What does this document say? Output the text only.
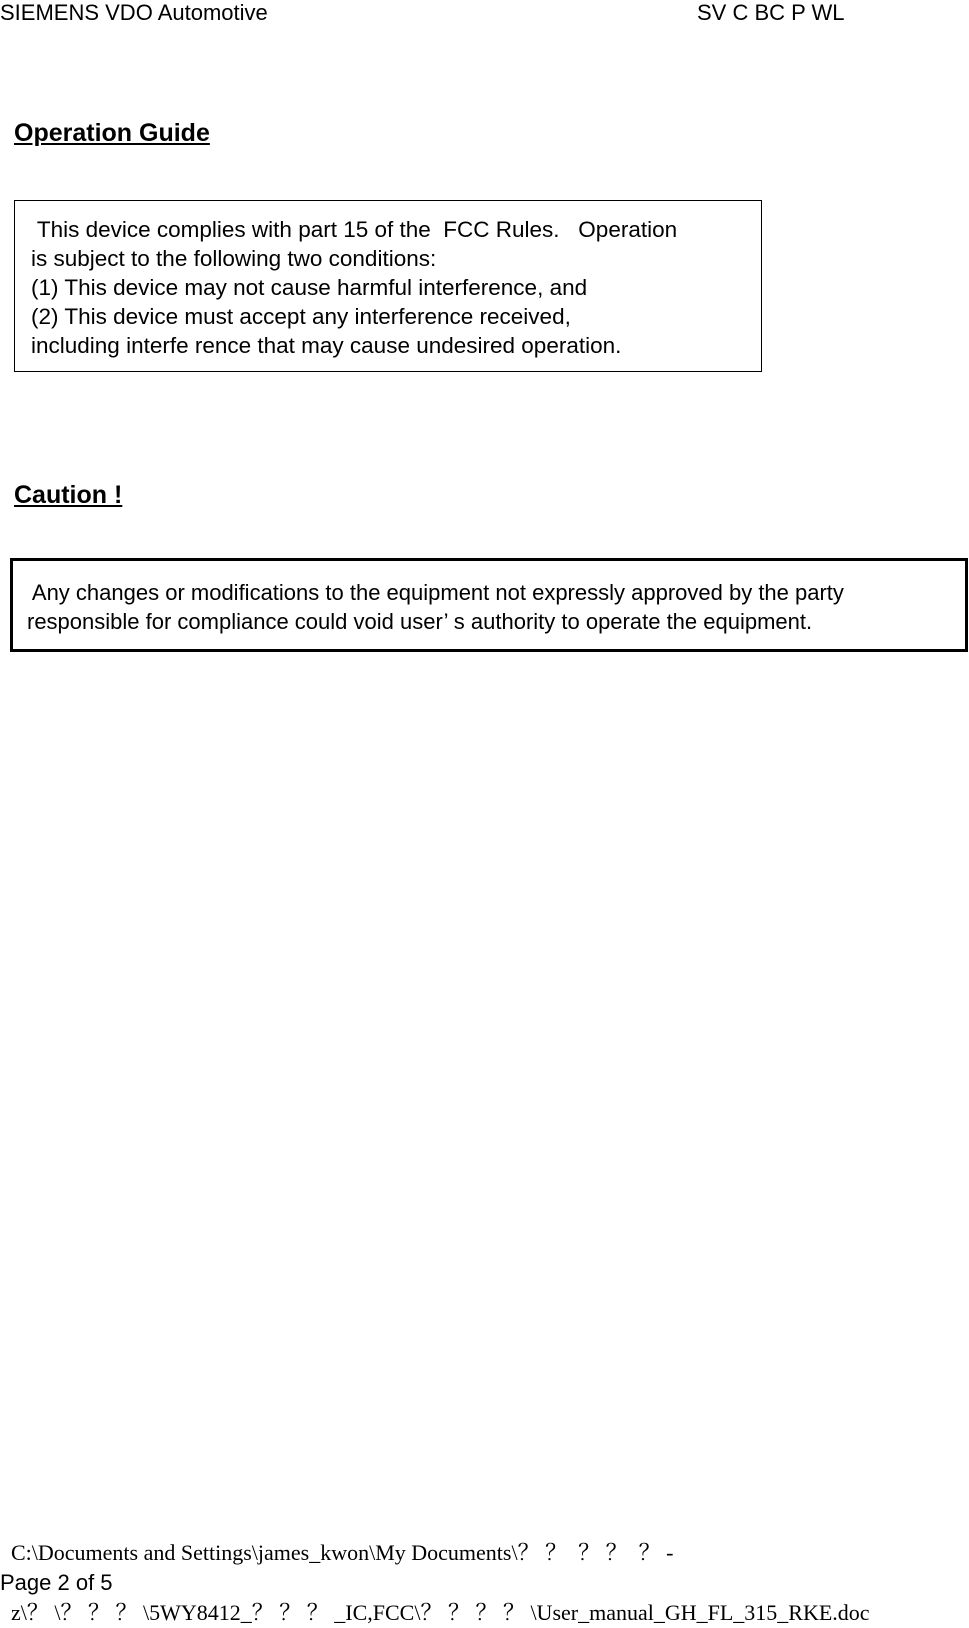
SIEMENS VDO Automotive	SV C BC P WL
Operation Guide
This device complies with part 15 of the  FCC Rules.   Operation
is subject to the following two conditions:
(1) This device may not cause harmful interference, and
(2) This device must accept any interference received,
including interfe rence that may cause undesired operation.
Caution !
Any changes or modifications to the equipment not expressly approved by the party
responsible for compliance could void user’ s authority to operate the equipment.

C:\Documents and Settings\james_kwon\My Documents\？ ？  ？ ？  ？ -

z\？ \？ ？ ？ \5WY8412_？ ？ ？ _IC,FCC\？ ？ ？ ？ \User_manual_GH_FL_315_RKE.doc

Page 2 of 5
